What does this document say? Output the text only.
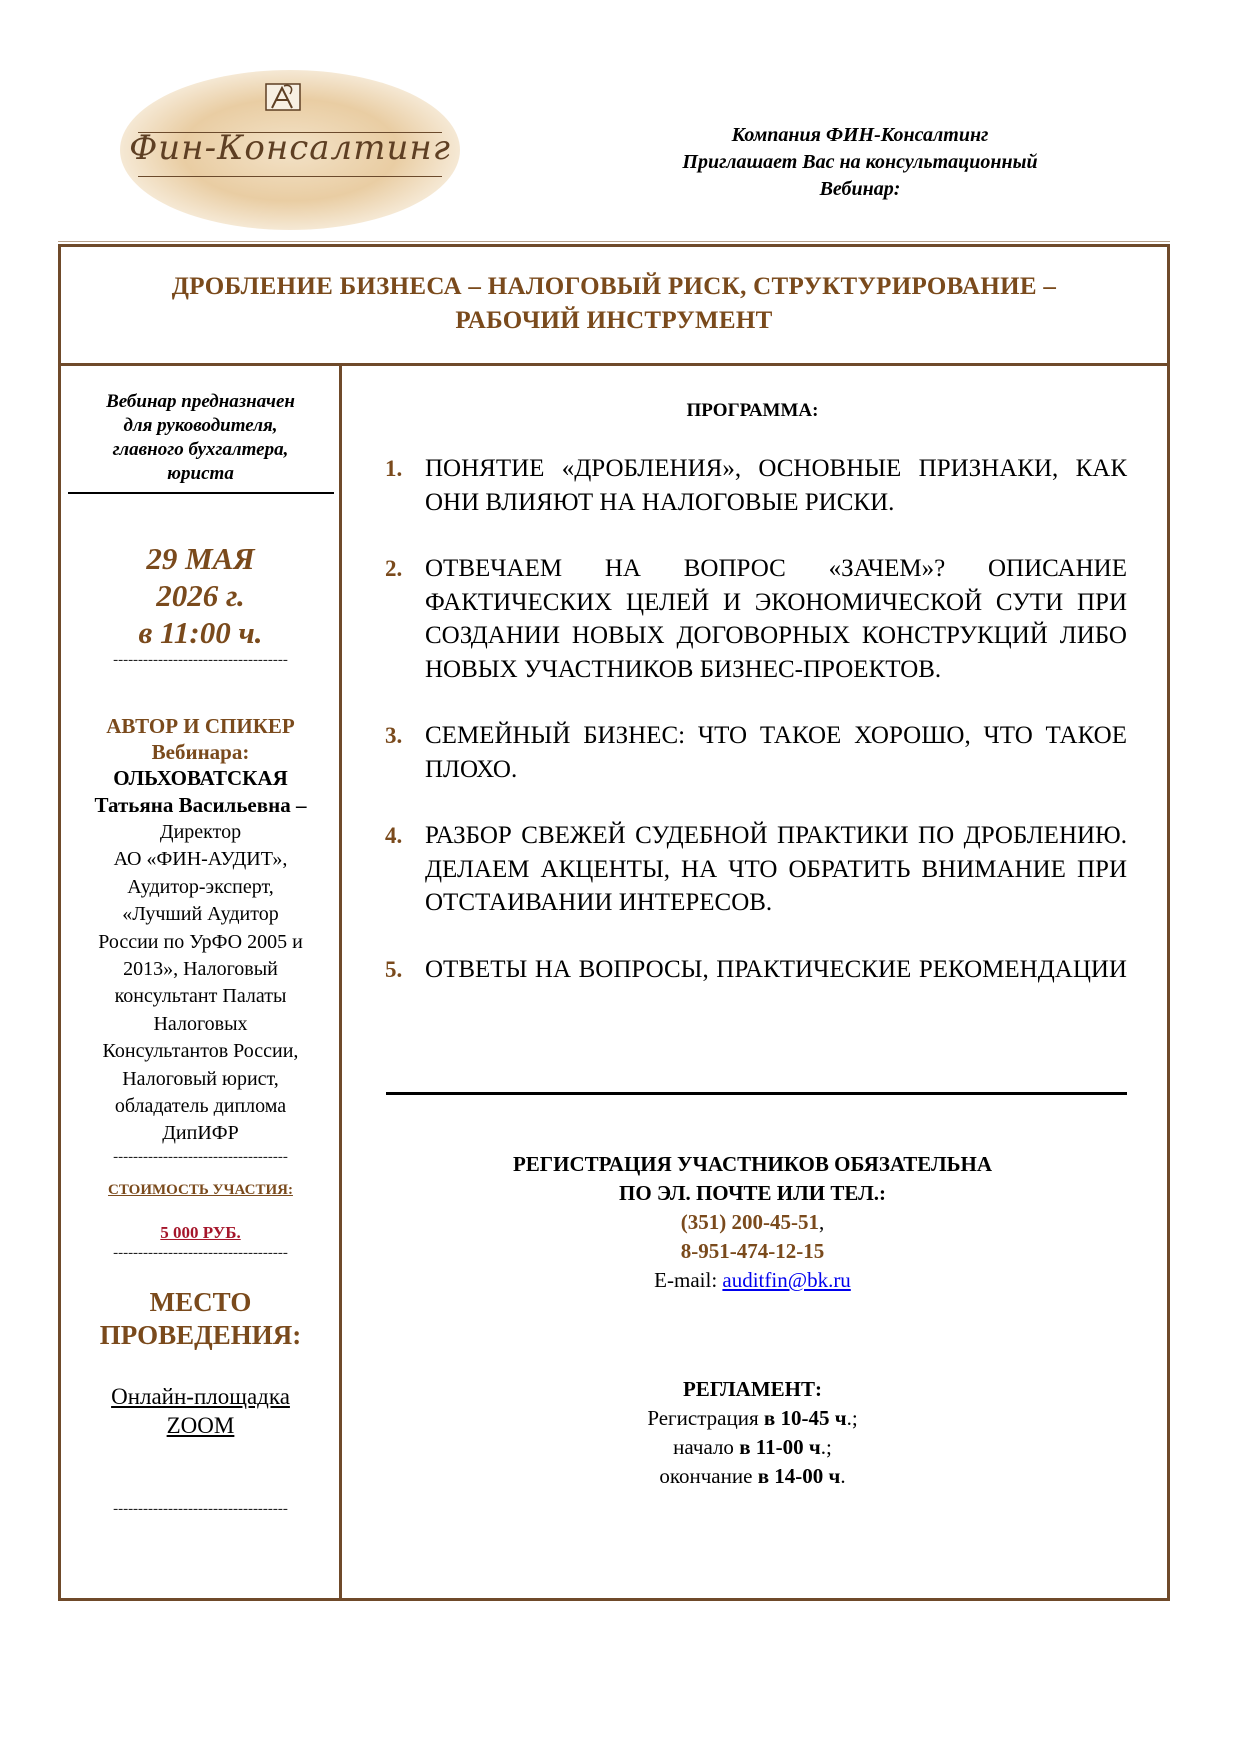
Фин-Консалтинг	Компания ФИН-Консалтинг
Приглашает Вас на консультационный
Вебинар:
ДРОБЛЕНИЕ БИЗНЕСА – НАЛОГОВЫЙ РИСК, СТРУКТУРИРОВАНИЕ –
РАБОЧИЙ ИНСТРУМЕНТ
Вебинар предназначен
для руководителя,
главного бухгалтера,
юриста
29 МАЯ
2026 г.
в 11:00 ч.
-----------------------------------
АВТОР И СПИКЕР
Вебинара:
ОЛЬХОВАТСКАЯ
Татьяна Васильевна –
Директор
АО «ФИН-АУДИТ»,
Аудитор-эксперт,
«Лучший Аудитор
России по УрФО 2005 и
2013», Налоговый
консультант Палаты
Налоговых
Консультантов России,
Налоговый юрист,
обладатель диплома
ДипИФР
-----------------------------------
СТОИМОСТЬ УЧАСТИЯ:
5 000 РУБ.
-----------------------------------
МЕСТО
ПРОВЕДЕНИЯ:
Онлайн-площадка
ZOOM
-----------------------------------
ПРОГРАММА:
1. ПОНЯТИЕ «ДРОБЛЕНИЯ», ОСНОВНЫЕ ПРИЗНАКИ, КАК ОНИ ВЛИЯЮТ НА НАЛОГОВЫЕ РИСКИ.
2. ОТВЕЧАЕМ НА ВОПРОС «ЗАЧЕМ»? ОПИСАНИЕ ФАКТИЧЕСКИХ ЦЕЛЕЙ И ЭКОНОМИЧЕСКОЙ СУТИ ПРИ СОЗДАНИИ НОВЫХ ДОГОВОРНЫХ КОНСТРУКЦИЙ ЛИБО НОВЫХ УЧАСТНИКОВ БИЗНЕС-ПРОЕКТОВ.
3. СЕМЕЙНЫЙ БИЗНЕС: ЧТО ТАКОЕ ХОРОШО, ЧТО ТАКОЕ ПЛОХО.
4. РАЗБОР СВЕЖЕЙ СУДЕБНОЙ ПРАКТИКИ ПО ДРОБЛЕНИЮ. ДЕЛАЕМ АКЦЕНТЫ, НА ЧТО ОБРАТИТЬ ВНИМАНИЕ ПРИ ОТСТАИВАНИИ ИНТЕРЕСОВ.
5. ОТВЕТЫ НА ВОПРОСЫ, ПРАКТИЧЕСКИЕ РЕКОМЕНДАЦИИ
РЕГИСТРАЦИЯ УЧАСТНИКОВ ОБЯЗАТЕЛЬНА
ПО ЭЛ. ПОЧТЕ ИЛИ ТЕЛ.:
(351) 200-45-51,
8-951-474-12-15
E-mail: auditfin@bk.ru
РЕГЛАМЕНТ:
Регистрация в 10-45 ч.;
начало в 11-00 ч.;
окончание в 14-00 ч.
